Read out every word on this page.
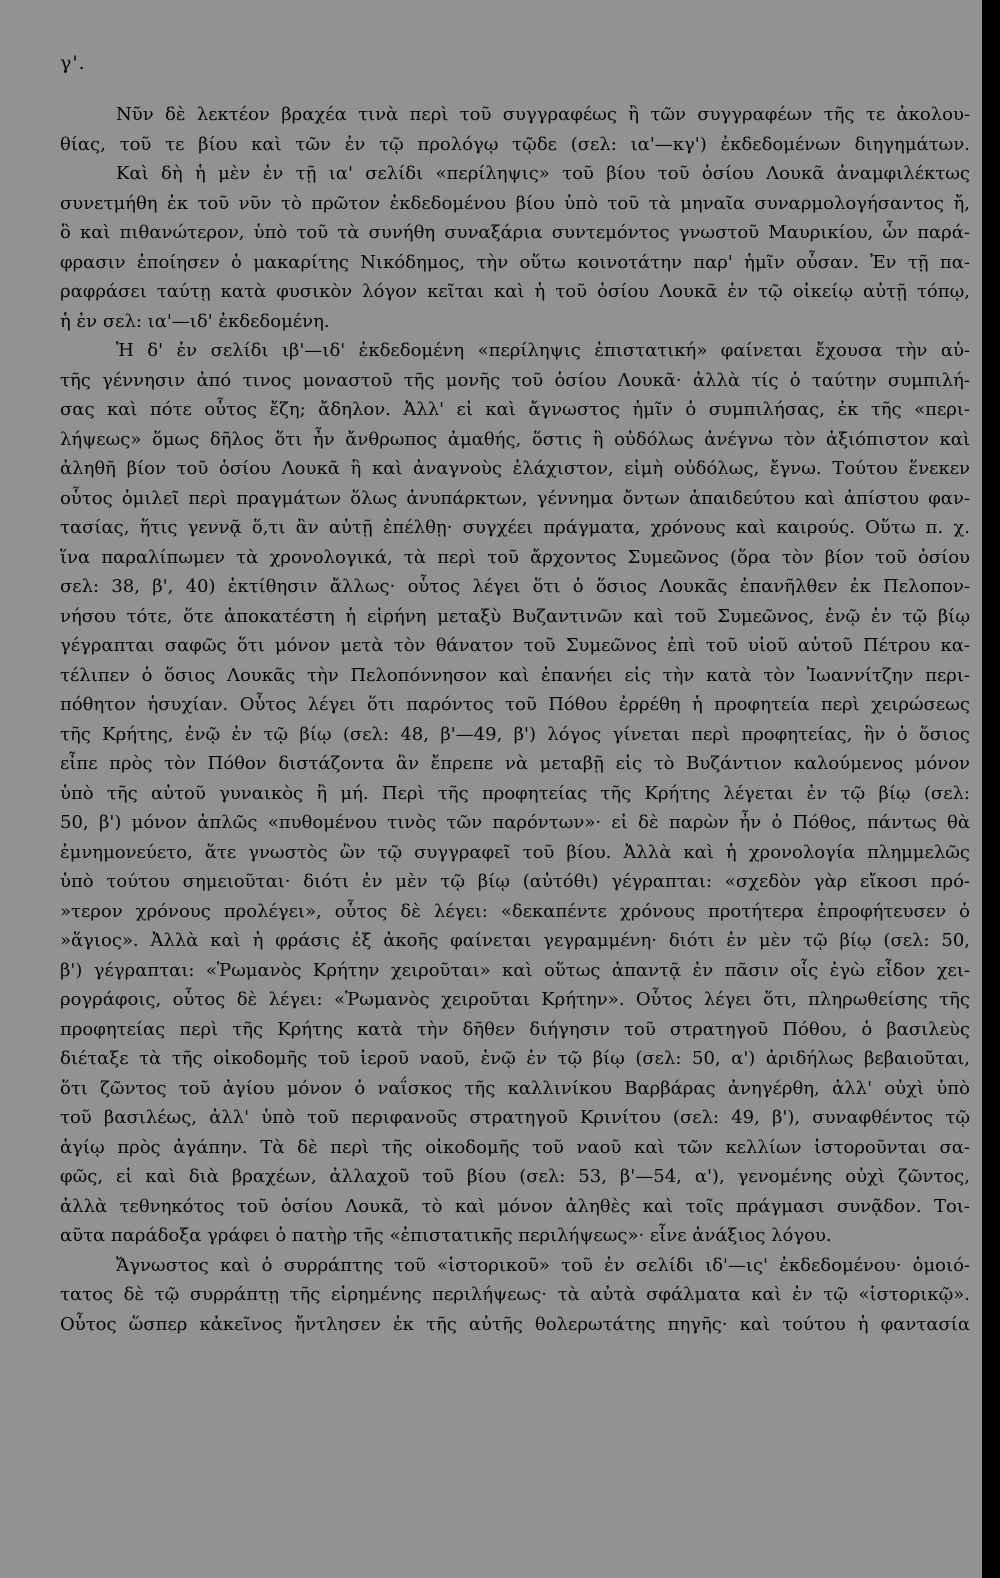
γ'.
Νῦν δὲ λεκτέον βραχέα τινὰ περὶ τοῦ συγγραφέως ἢ τῶν συγγραφέων τῆς τε ἀκολου-
θίας, τοῦ τε βίου καὶ τῶν ἐν τῷ προλόγῳ τῷδε (σελ: ια'—κγ') ἐκδεδομένων διηγημάτων.
Καὶ δὴ ἡ μὲν ἐν τῇ ια' σελίδι «περίληψις» τοῦ βίου τοῦ ὁσίου Λουκᾶ ἀναμφιλέκτως
συνετμήθη ἐκ τοῦ νῦν τὸ πρῶτον ἐκδεδομένου βίου ὑπὸ τοῦ τὰ μηναῖα συναρμολογήσαντος ἤ,
ὃ καὶ πιθανώτερον, ὑπὸ τοῦ τὰ συνήθη συναξάρια συντεμόντος γνωστοῦ Μαυρικίου, ὧν παρά-
φρασιν ἐποίησεν ὁ μακαρίτης Νικόδημος, τὴν οὕτω κοινοτάτην παρ' ἡμῖν οὖσαν. Ἐν τῇ πα-
ραφράσει ταύτῃ κατὰ φυσικὸν λόγον κεῖται καὶ ἡ τοῦ ὁσίου Λουκᾶ ἐν τῷ οἰκείῳ αὐτῇ τόπῳ,
ἡ ἐν σελ: ια'—ιδ' ἐκδεδομένη.
Ἡ δ' ἐν σελίδι ιβ'—ιδ' ἐκδεδομένη «περίληψις ἐπιστατική» φαίνεται ἔχουσα τὴν αὐ-
τῆς γέννησιν ἀπό τινος μοναστοῦ τῆς μονῆς τοῦ ὁσίου Λουκᾶ· ἀλλὰ τίς ὁ ταύτην συμπιλή-
σας καὶ πότε οὗτος ἔζη; ἄδηλον. Ἀλλ' εἰ καὶ ἄγνωστος ἡμῖν ὁ συμπιλήσας, ἐκ τῆς «περι-
λήψεως» ὅμως δῆλος ὅτι ἦν ἄνθρωπος ἀμαθής, ὅστις ἢ οὐδόλως ἀνέγνω τὸν ἀξιόπιστον καὶ
ἀληθῆ βίον τοῦ ὁσίου Λουκᾶ ἢ καὶ ἀναγνοὺς ἐλάχιστον, εἰμὴ οὐδόλως, ἔγνω. Τούτου ἕνεκεν
οὗτος ὁμιλεῖ περὶ πραγμάτων ὅλως ἀνυπάρκτων, γέννημα ὄντων ἀπαιδεύτου καὶ ἀπίστου φαν-
τασίας, ἥτις γεννᾷ ὅ,τι ἂν αὐτῇ ἐπέλθῃ· συγχέει πράγματα, χρόνους καὶ καιρούς. Οὕτω π. χ.
ἵνα παραλίπωμεν τὰ χρονολογικά, τὰ περὶ τοῦ ἄρχοντος Συμεῶνος (ὅρα τὸν βίον τοῦ ὁσίου
σελ: 38, β', 40) ἐκτίθησιν ἄλλως· οὗτος λέγει ὅτι ὁ ὅσιος Λουκᾶς ἐπανῆλθεν ἐκ Πελοπον-
νήσου τότε, ὅτε ἀποκατέστη ἡ εἰρήνη μεταξὺ Βυζαντινῶν καὶ τοῦ Συμεῶνος, ἐνῷ ἐν τῷ βίῳ
γέγραπται σαφῶς ὅτι μόνον μετὰ τὸν θάνατον τοῦ Συμεῶνος ἐπὶ τοῦ υἱοῦ αὐτοῦ Πέτρου κα-
τέλιπεν ὁ ὅσιος Λουκᾶς τὴν Πελοπόννησον καὶ ἐπανήει εἰς τὴν κατὰ τὸν Ἰωαννίτζην περι-
πόθητον ἡσυχίαν. Οὗτος λέγει ὅτι παρόντος τοῦ Πόθου ἐρρέθη ἡ προφητεία περὶ χειρώσεως
τῆς Κρήτης, ἐνῷ ἐν τῷ βίῳ (σελ: 48, β'—49, β') λόγος γίνεται περὶ προφητείας, ἣν ὁ ὅσιος
εἶπε πρὸς τὸν Πόθον διστάζοντα ἂν ἔπρεπε νὰ μεταβῇ εἰς τὸ Βυζάντιον καλούμενος μόνον
ὑπὸ τῆς αὐτοῦ γυναικὸς ἢ μή. Περὶ τῆς προφητείας τῆς Κρήτης λέγεται ἐν τῷ βίῳ (σελ:
50, β') μόνον ἁπλῶς «πυθομένου τινὸς τῶν παρόντων»· εἰ δὲ παρὼν ἦν ὁ Πόθος, πάντως θὰ
ἐμνημονεύετο, ἅτε γνωστὸς ὢν τῷ συγγραφεῖ τοῦ βίου. Ἀλλὰ καὶ ἡ χρονολογία πλημμελῶς
ὑπὸ τούτου σημειοῦται· διότι ἐν μὲν τῷ βίῳ (αὐτόθι) γέγραπται: «σχεδὸν γὰρ εἴκοσι πρό-
»τερον χρόνους προλέγει», οὗτος δὲ λέγει: «δεκαπέντε χρόνους προτήτερα ἐπροφήτευσεν ὁ
»ἅγιος». Ἀλλὰ καὶ ἡ φράσις ἐξ ἀκοῆς φαίνεται γεγραμμένη· διότι ἐν μὲν τῷ βίῳ (σελ: 50,
β') γέγραπται: «Ῥωμανὸς Κρήτην χειροῦται» καὶ οὕτως ἀπαντᾷ ἐν πᾶσιν οἷς ἐγὼ εἶδον χει-
ρογράφοις, οὗτος δὲ λέγει: «Ῥωμανὸς χειροῦται Κρήτην». Οὗτος λέγει ὅτι, πληρωθείσης τῆς
προφητείας περὶ τῆς Κρήτης κατὰ τὴν δῆθεν διήγησιν τοῦ στρατηγοῦ Πόθου, ὁ βασιλεὺς
διέταξε τὰ τῆς οἰκοδομῆς τοῦ ἱεροῦ ναοῦ, ἐνῷ ἐν τῷ βίῳ (σελ: 50, α') ἀριδήλως βεβαιοῦται,
ὅτι ζῶντος τοῦ ἁγίου μόνον ὁ ναΐσκος τῆς καλλινίκου Βαρβάρας ἀνηγέρθη, ἀλλ' οὐχὶ ὑπὸ
τοῦ βασιλέως, ἀλλ' ὑπὸ τοῦ περιφανοῦς στρατηγοῦ Κρινίτου (σελ: 49, β'), συναφθέντος τῷ
ἁγίῳ πρὸς ἀγάπην. Τὰ δὲ περὶ τῆς οἰκοδομῆς τοῦ ναοῦ καὶ τῶν κελλίων ἱστοροῦνται σα-
φῶς, εἰ καὶ διὰ βραχέων, ἀλλαχοῦ τοῦ βίου (σελ: 53, β'—54, α'), γενομένης οὐχὶ ζῶντος,
ἀλλὰ τεθνηκότος τοῦ ὁσίου Λουκᾶ, τὸ καὶ μόνον ἀληθὲς καὶ τοῖς πράγμασι συνᾷδον. Τοι-
αῦτα παράδοξα γράφει ὁ πατὴρ τῆς «ἐπιστατικῆς περιλήψεως»· εἶνε ἀνάξιος λόγου.
Ἄγνωστος καὶ ὁ συρράπτης τοῦ «ἱστορικοῦ» τοῦ ἐν σελίδι ιδ'—ις' ἐκδεδομένου· ὁμοιό-
τατος δὲ τῷ συρράπτῃ τῆς εἰρημένης περιλήψεως· τὰ αὐτὰ σφάλματα καὶ ἐν τῷ «ἱστορικῷ».
Οὗτος ὥσπερ κἀκεῖνος ἤντλησεν ἐκ τῆς αὐτῆς θολερωτάτης πηγῆς· καὶ τούτου ἡ φαντασία
